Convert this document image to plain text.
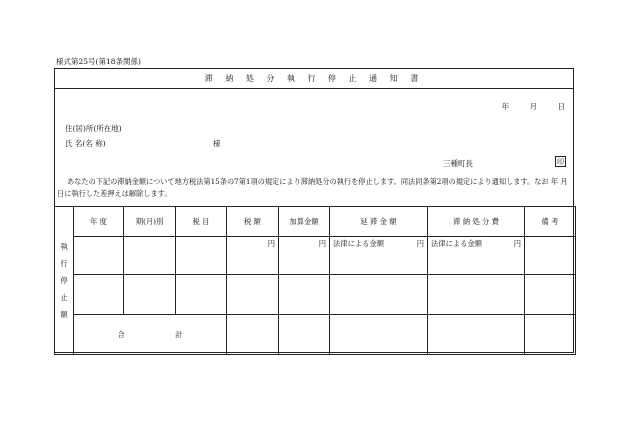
様式第25号(第18条関係)
滞 納 処 分 執 行 停 止 通 知 書
年 月 日
住(居)所(所在地)
氏 名(名 称)	様
三種町長	印
あなたの下記の滞納金額について地方税法第15条の7第1項の規定により滞納処分の執行を停止します。同法同条第2項の規定により通知します。なお 年 月 日に執行した差押えは解除します。
執
行
停
止
額	年 度	期(月)別	税 目	税 額	加算金額	延 滞 金 額	滞 納 処 分 費	備 考

				円	円	法律による金額 円	法律による金額 円	

	合 計							
